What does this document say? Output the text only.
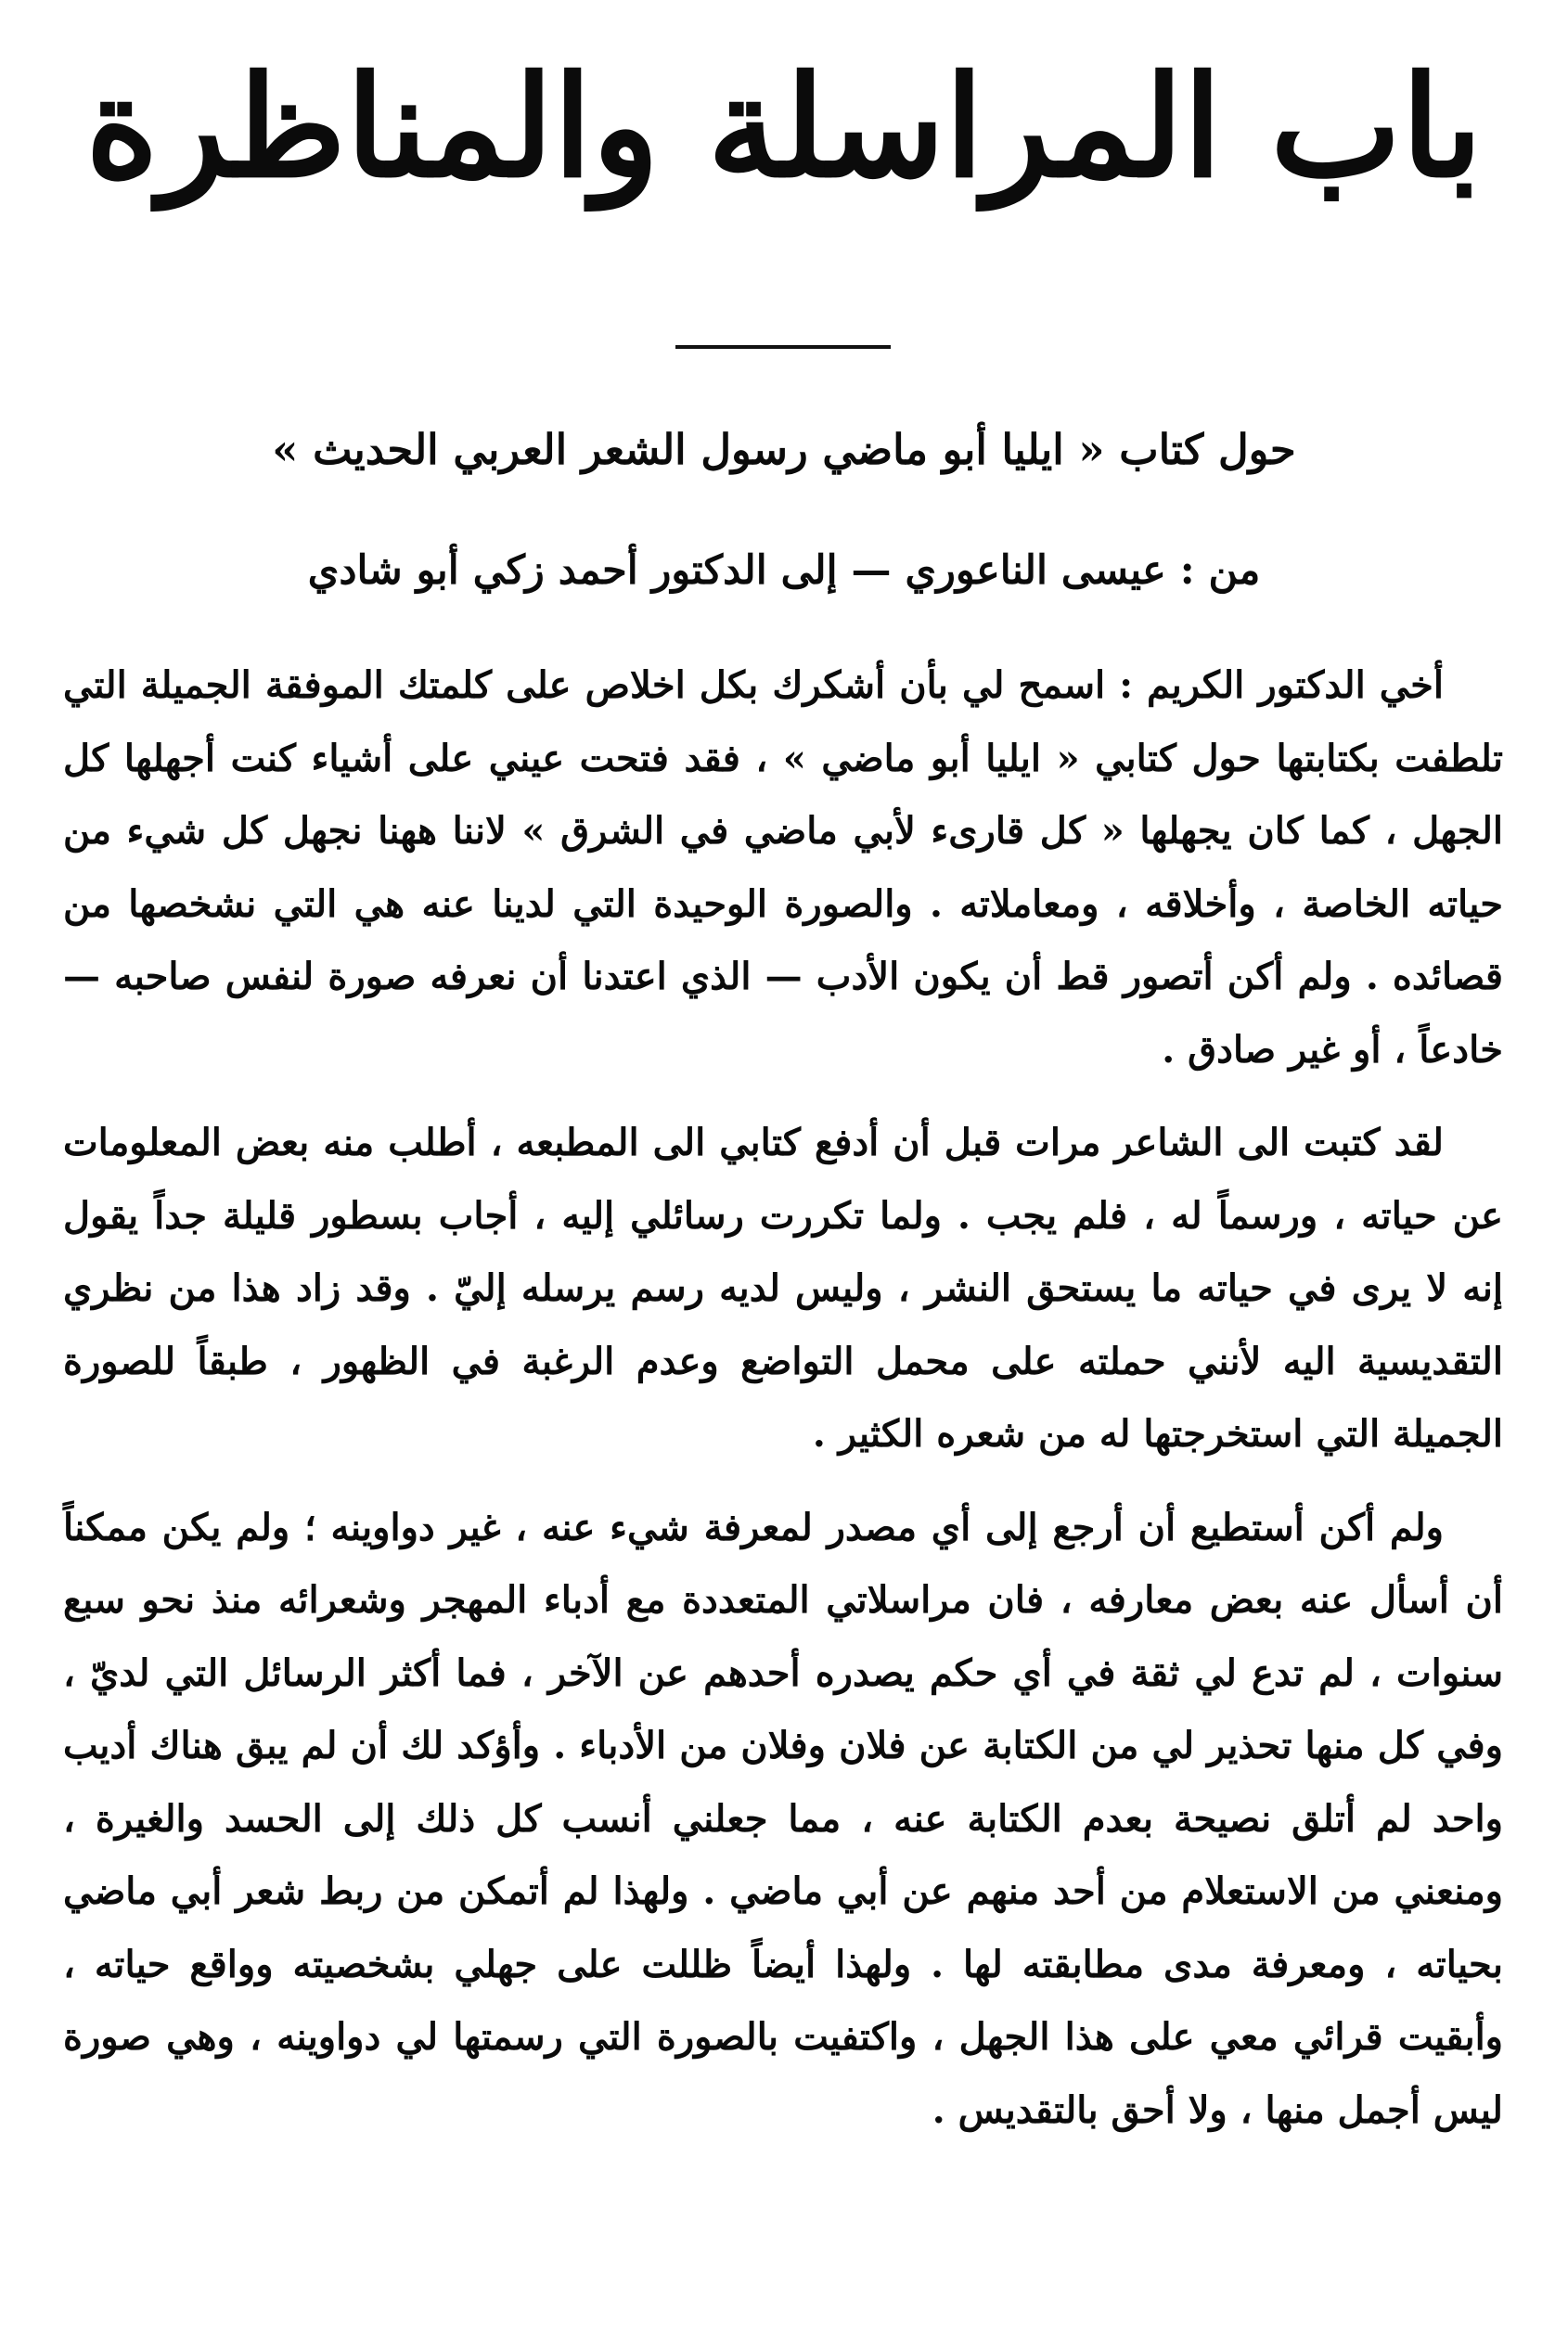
باب المراسلة والمناظرة
حول كتاب « ايليا أبو ماضي رسول الشعر العربي الحديث »
من : عيسى الناعوري — إلى الدكتور أحمد زكي أبو شادي

أخي الدكتور الكريم : اسمح لي بأن أشكرك بكل اخلاص على كلمتك الموفقة الجميلة التي تلطفت بكتابتها حول كتابي « ايليا أبو ماضي » ، فقد فتحت عيني على أشياء كنت أجهلها كل الجهل ، كما كان يجهلها « كل قارىء لأبي ماضي في الشرق » لاننا ههنا نجهل كل شيء من حياته الخاصة ، وأخلاقه ، ومعاملاته . والصورة الوحيدة التي لدينا عنه هي التي نشخصها من قصائده . ولم أكن أتصور قط أن يكون الأدب — الذي اعتدنا أن نعرفه صورة لنفس صاحبه — خادعاً ، أو غير صادق .

لقد كتبت الى الشاعر مرات قبل أن أدفع كتابي الى المطبعه ، أطلب منه بعض المعلومات عن حياته ، ورسماً له ، فلم يجب . ولما تكررت رسائلي إليه ، أجاب بسطور قليلة جداً يقول إنه لا يرى في حياته ما يستحق النشر ، وليس لديه رسم يرسله إليّ . وقد زاد هذا من نظري التقديسية اليه لأنني حملته على محمل التواضع وعدم الرغبة في الظهور ، طبقاً للصورة الجميلة التي استخرجتها له من شعره الكثير .

ولم أكن أستطيع أن أرجع إلى أي مصدر لمعرفة شيء عنه ، غير دواوينه ؛ ولم يكن ممكناً أن أسأل عنه بعض معارفه ، فان مراسلاتي المتعددة مع أدباء المهجر وشعرائه منذ نحو سبع سنوات ، لم تدع لي ثقة في أي حكم يصدره أحدهم عن الآخر ، فما أكثر الرسائل التي لديّ ، وفي كل منها تحذير لي من الكتابة عن فلان وفلان من الأدباء . وأؤكد لك أن لم يبق هناك أديب واحد لم أتلق نصيحة بعدم الكتابة عنه ، مما جعلني أنسب كل ذلك إلى الحسد والغيرة ، ومنعني من الاستعلام من أحد منهم عن أبي ماضي . ولهذا لم أتمكن من ربط شعر أبي ماضي بحياته ، ومعرفة مدى مطابقته لها . ولهذا أيضاً ظللت على جهلي بشخصيته وواقع حياته ، وأبقيت قرائي معي على هذا الجهل ، واكتفيت بالصورة التي رسمتها لي دواوينه ، وهي صورة ليس أجمل منها ، ولا أحق بالتقديس .
